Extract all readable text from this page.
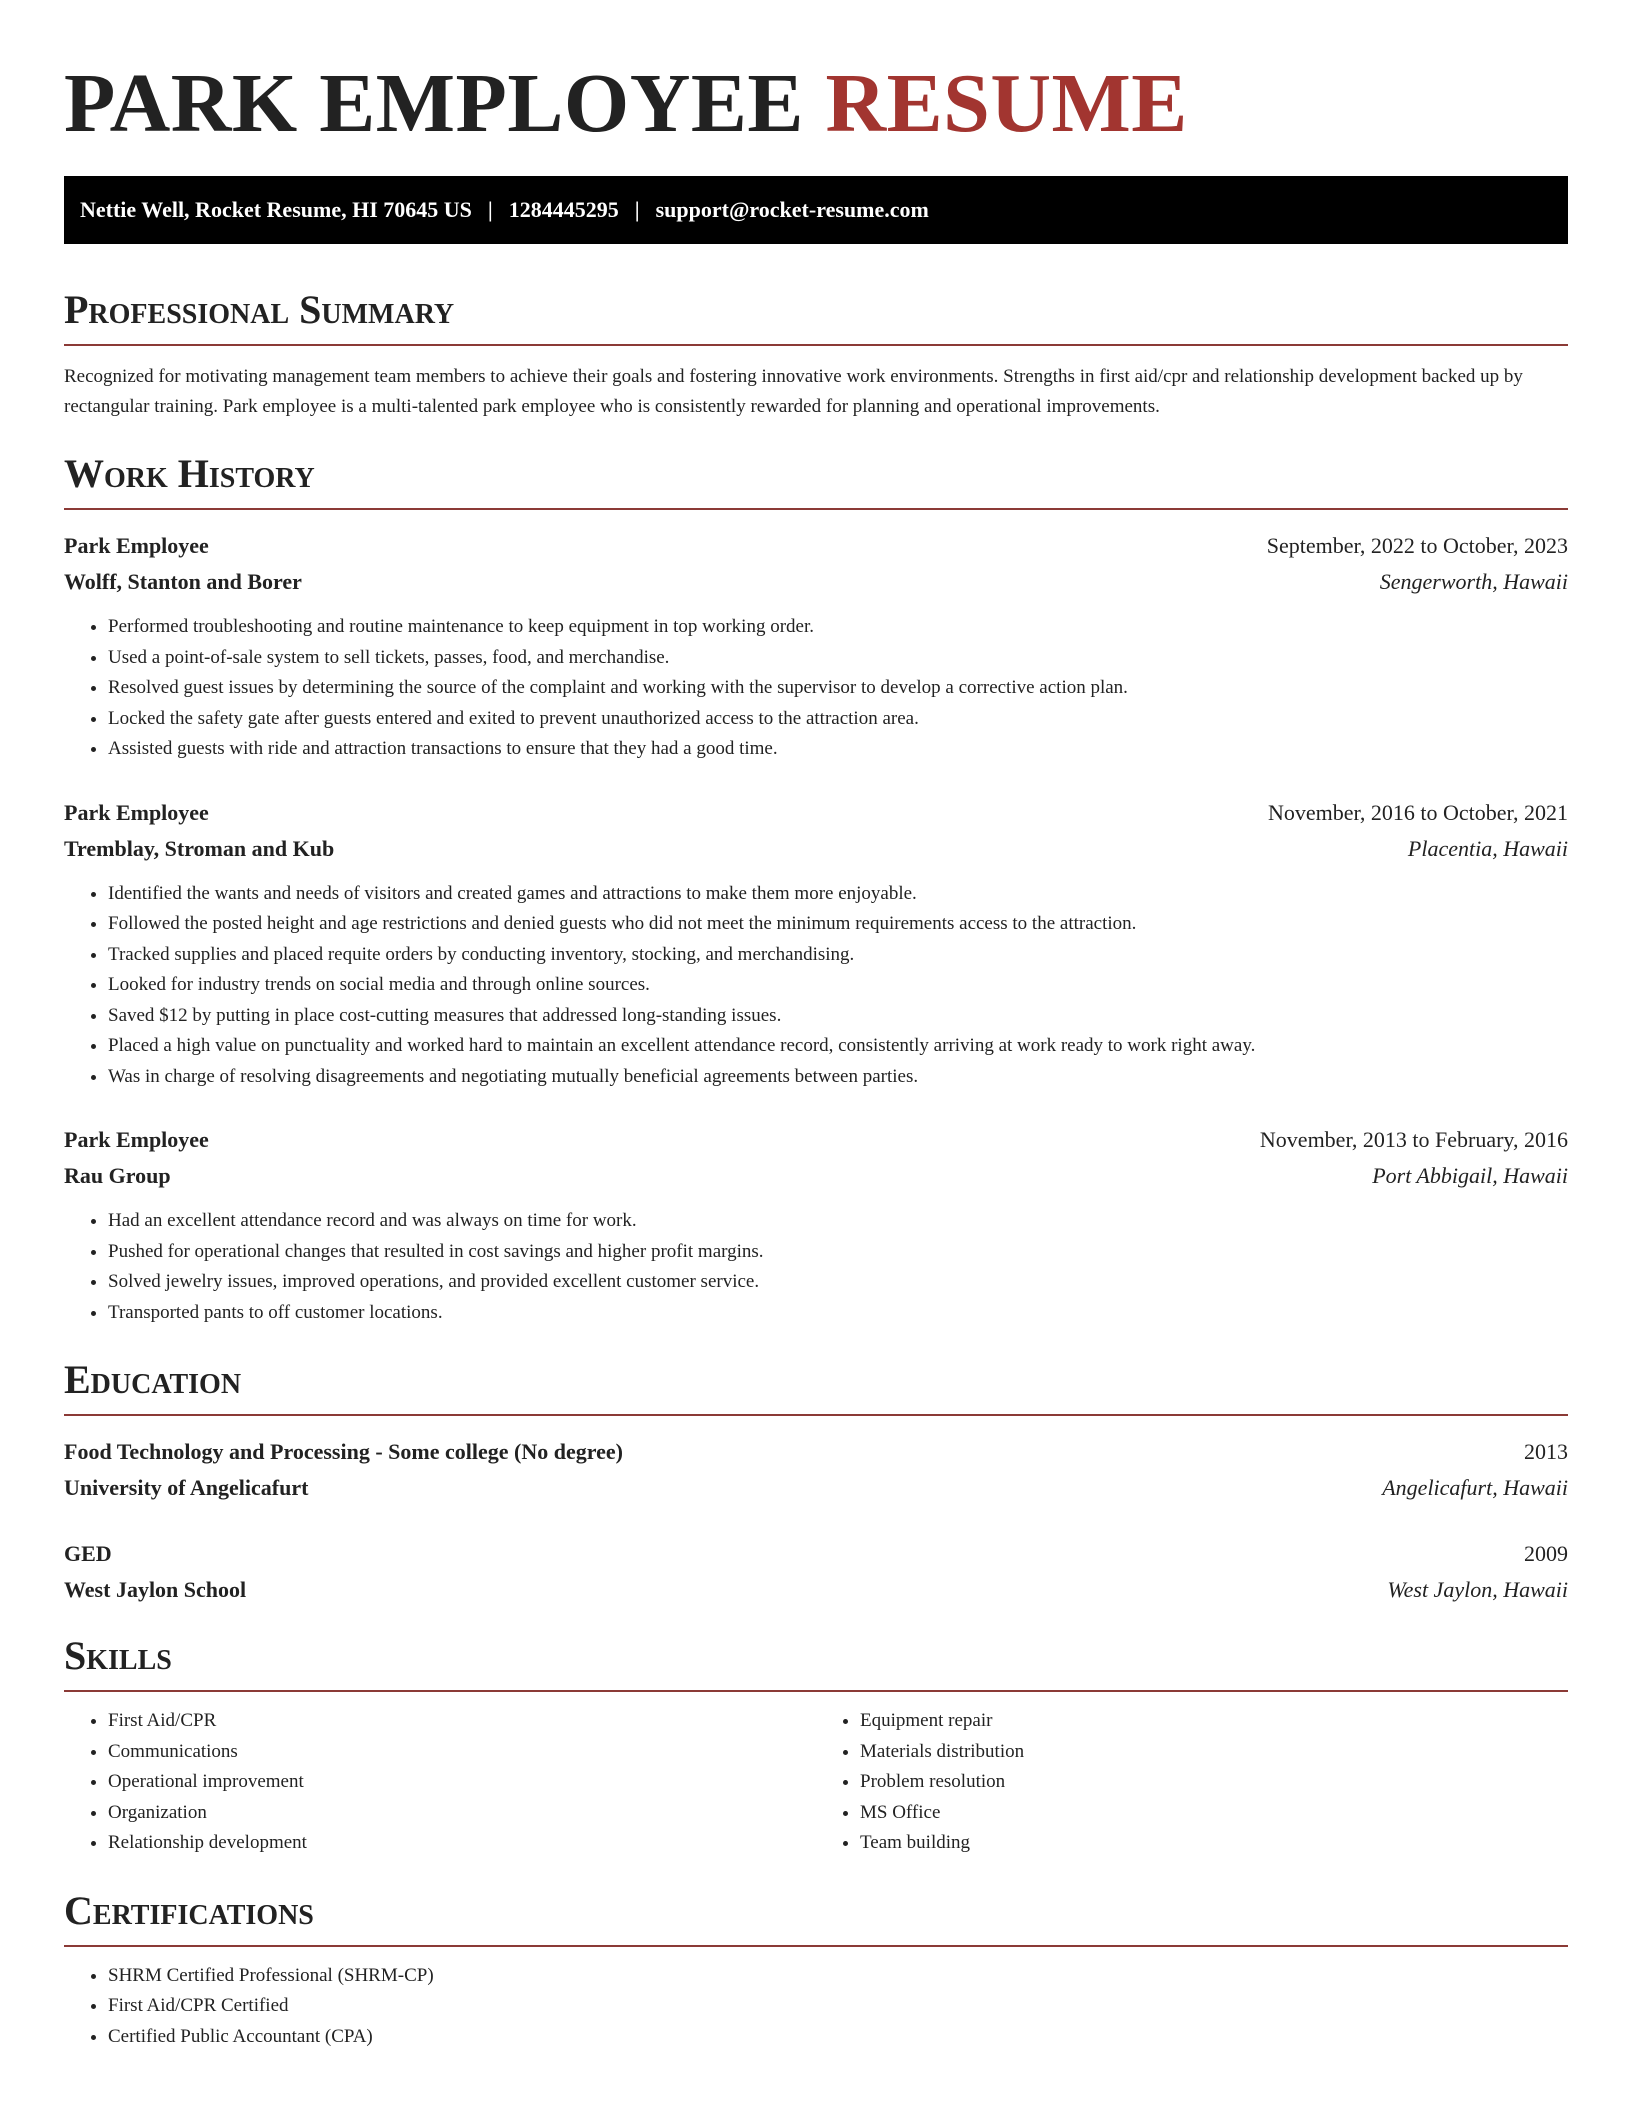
PARK EMPLOYEE RESUME
Nettie Well, Rocket Resume, HI 70645 US | 1284445295 | support@rocket-resume.com
Professional Summary

Recognized for motivating management team members to achieve their goals and fostering innovative work environments. Strengths in first aid/cpr and relationship development backed up by rectangular training. Park employee is a multi-talented park employee who is consistently rewarded for planning and operational improvements.

Work History
Park Employee	September, 2022 to October, 2023
Wolff, Stanton and Borer	Sengerworth, Hawaii
• Performed troubleshooting and routine maintenance to keep equipment in top working order.
• Used a point-of-sale system to sell tickets, passes, food, and merchandise.
• Resolved guest issues by determining the source of the complaint and working with the supervisor to develop a corrective action plan.
• Locked the safety gate after guests entered and exited to prevent unauthorized access to the attraction area.
• Assisted guests with ride and attraction transactions to ensure that they had a good time.
Park Employee	November, 2016 to October, 2021
Tremblay, Stroman and Kub	Placentia, Hawaii
• Identified the wants and needs of visitors and created games and attractions to make them more enjoyable.
• Followed the posted height and age restrictions and denied guests who did not meet the minimum requirements access to the attraction.
• Tracked supplies and placed requite orders by conducting inventory, stocking, and merchandising.
• Looked for industry trends on social media and through online sources.
• Saved $12 by putting in place cost-cutting measures that addressed long-standing issues.
• Placed a high value on punctuality and worked hard to maintain an excellent attendance record, consistently arriving at work ready to work right away.
• Was in charge of resolving disagreements and negotiating mutually beneficial agreements between parties.
Park Employee	November, 2013 to February, 2016
Rau Group	Port Abbigail, Hawaii
• Had an excellent attendance record and was always on time for work.
• Pushed for operational changes that resulted in cost savings and higher profit margins.
• Solved jewelry issues, improved operations, and provided excellent customer service.
• Transported pants to off customer locations.
Education
Food Technology and Processing - Some college (No degree)	2013
University of Angelicafurt	Angelicafurt, Hawaii
GED	2009
West Jaylon School	West Jaylon, Hawaii
Skills
• First Aid/CPR
• Communications
• Operational improvement
• Organization
• Relationship development
• Equipment repair
• Materials distribution
• Problem resolution
• MS Office
• Team building
Certifications
• SHRM Certified Professional (SHRM-CP)
• First Aid/CPR Certified
• Certified Public Accountant (CPA)
